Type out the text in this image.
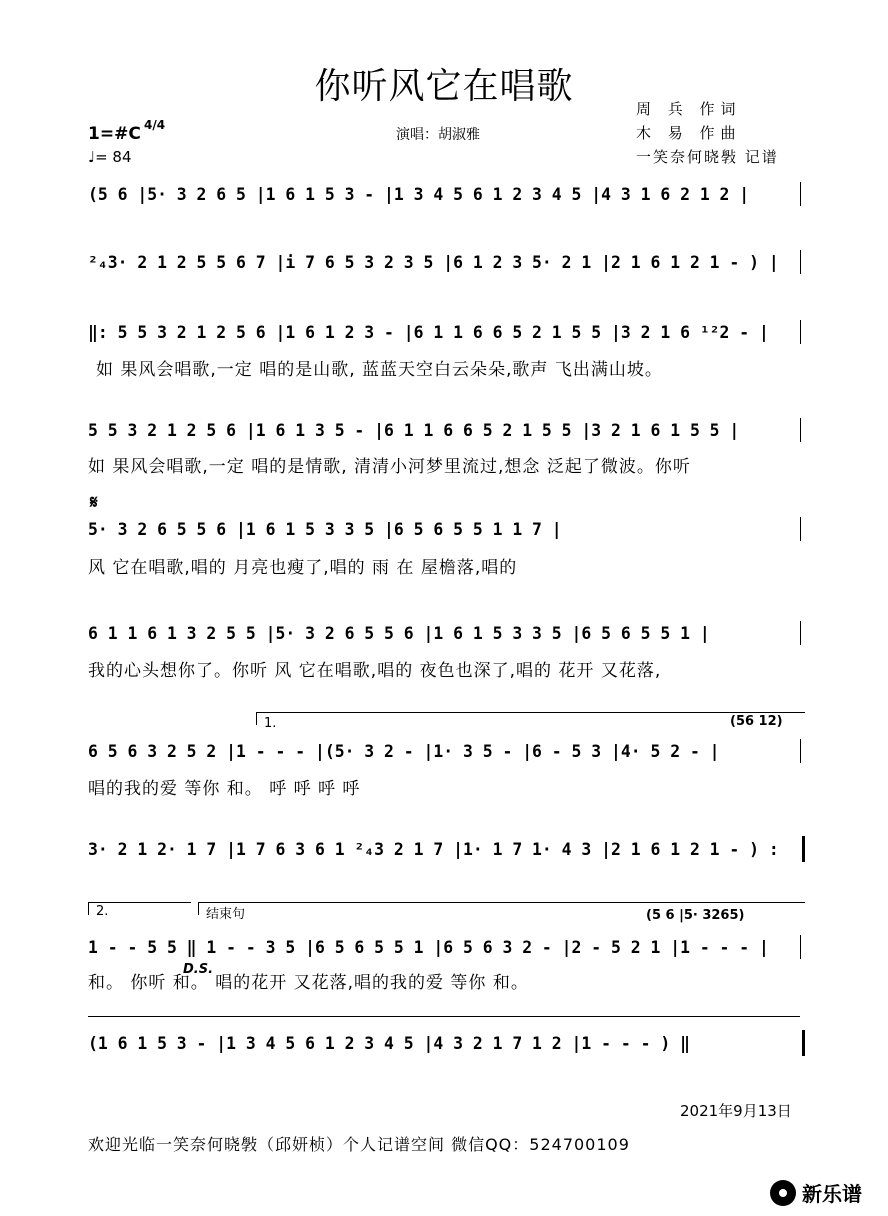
你听风它在唱歌
周 兵 作词
木 易 作曲
一笑奈何晓斅 记谱
1=#C 4/4
♩= 84
演唱：胡淑雅
(5 6 |5· 3 2 6 5 |1 6 1 5 3 - |1 3 4 5 6 1 2 3 4 5 |4 3 1 6 2 1 2 |
²₄3· 2 1 2 5 5 6 7 |i 7 6 5 3 2 3 5 |6 1 2 3 5· 2 1 |2 1 6 1 2 1 - ) |
‖: 5 5 3 2 1 2 5 6 |1 6 1 2 3 - |6 1 1 6 6 5 2 1 5 5 |3 2 1 6 ¹²2 - |
如 果风会唱歌,一定 唱的是山歌, 蓝蓝天空白云朵朵,歌声 飞出满山坡。
5 5 3 2 1 2 5 6 |1 6 1 3 5 - |6 1 1 6 6 5 2 1 5 5 |3 2 1 6 1 5 5 |
如 果风会唱歌,一定 唱的是情歌, 清清小河梦里流过,想念 泛起了微波。你听
𝄋
5· 3 2 6 5 5 6 |1 6 1 5 3 3 5 |6 5 6 5 5 1 1 7 |
风 它在唱歌,唱的 月亮也瘦了,唱的 雨 在 屋檐落,唱的
6 1 1 6 1 3 2 5 5 |5· 3 2 6 5 5 6 |1 6 1 5 3 3 5 |6 5 6 5 5 1 |
我的心头想你了。你听 风 它在唱歌,唱的 夜色也深了,唱的 花开 又花落,
1.	(56 12)
6 5 6 3 2 5 2 |1 - - - |(5· 3 2 - |1· 3 5 - |6 - 5 3 |4· 5 2 - |
唱的我的爱 等你 和。 呼 呼 呼 呼
3· 2 1 2· 1 7 |1 7 6 3 6 1 ²₄3 2 1 7 |1· 1 7 1· 4 3 |2 1 6 1 2 1 - ) :
2.	结束句	(5 6 |5· 3265)
1 - - 5 5 ‖ 1 - - 3 5 |6 5 6 5 5 1 |6 5 6 3 2 - |2 - 5 2 1 |1 - - - |
和。 你听 和。 唱的花开 又花落,唱的我的爱 等你 和。
D.S.
(1 6 1 5 3 - |1 3 4 5 6 1 2 3 4 5 |4 3 2 1 7 1 2 |1 - - - ) ‖
2021年9月13日
欢迎光临一笑奈何晓斅（邱妍桢）个人记谱空间 微信QQ：524700109
新乐谱
